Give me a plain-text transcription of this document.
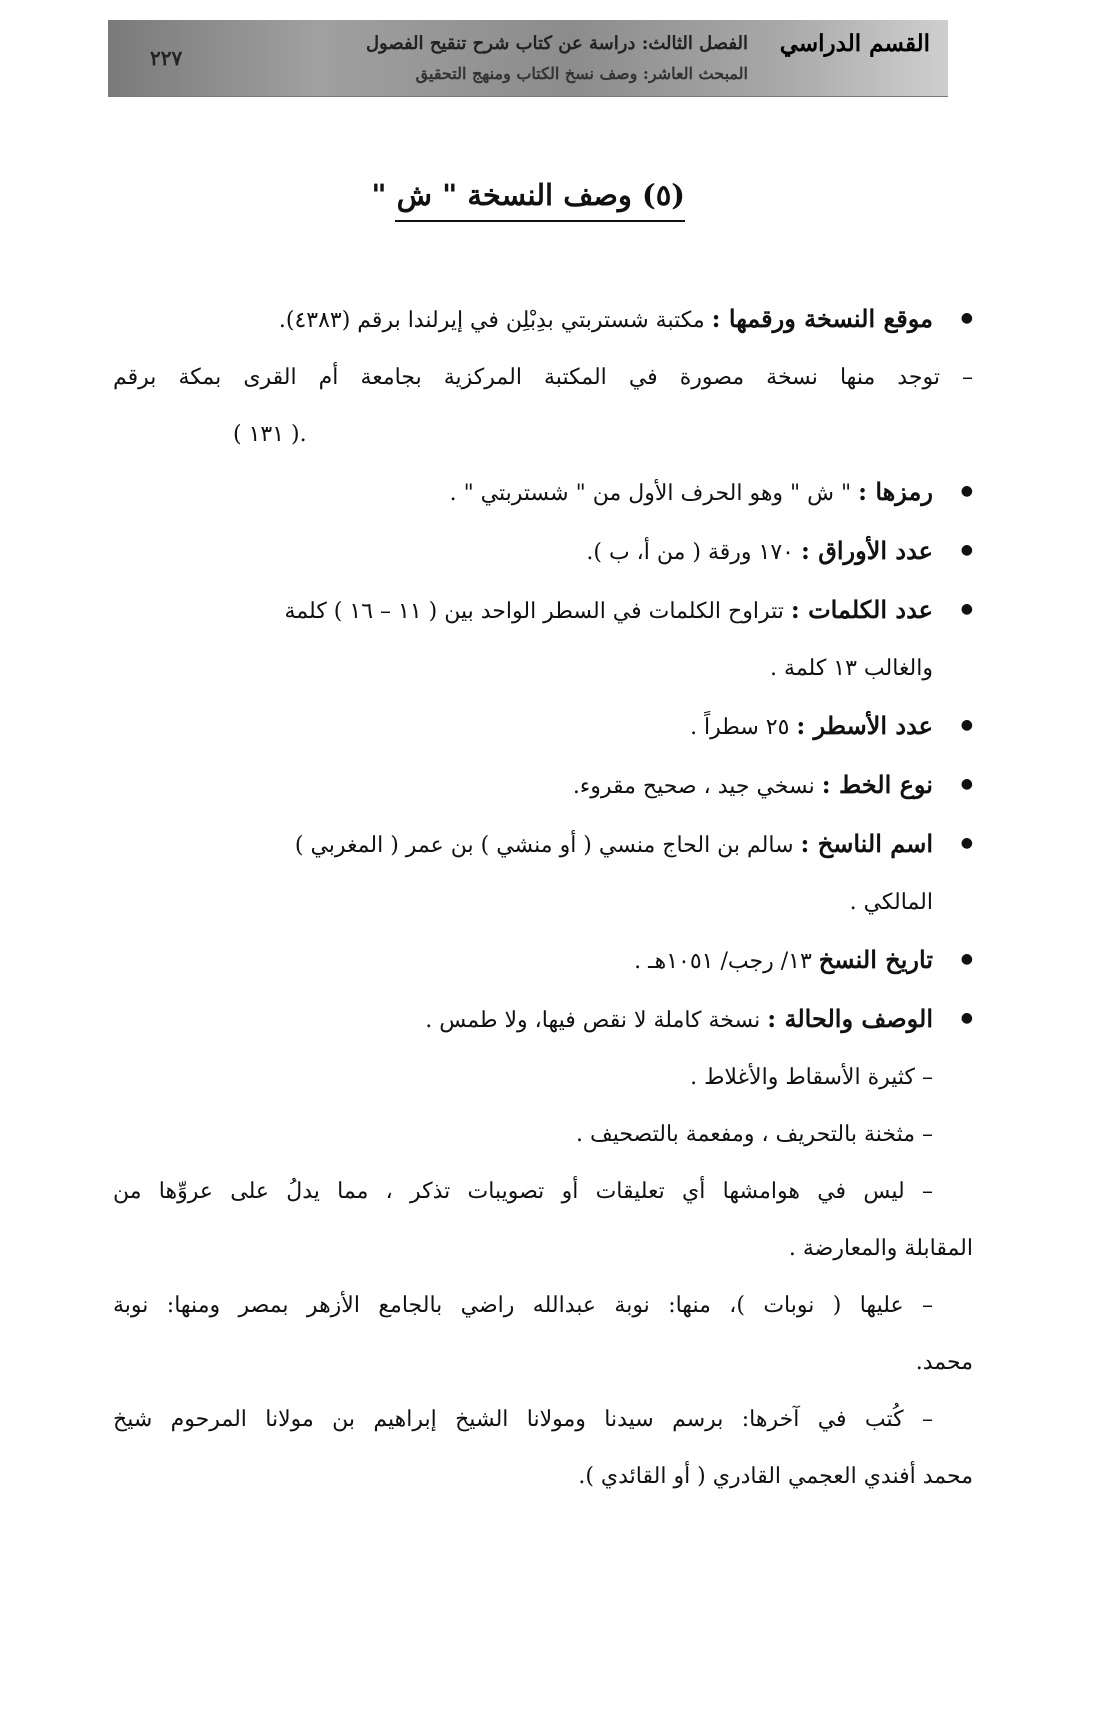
القسم الدراسي
الفصل الثالث: دراسة عن كتاب شرح تنقيح الفصول
المبحث العاشر: وصف نسخ الكتاب ومنهج التحقيق
٢٢٧
(٥) وصف النسخة " ش "
● موقع النسخة ورقمها : مكتبة شستربتي بدِبْلِن في إيرلندا برقم (٤٣٨٣).
– توجد منها نسخة مصورة في المكتبة المركزية بجامعة أم القرى بمكة برقم
.( ١٣١ )
● رمزها : " ش " وهو الحرف الأول من " شستربتي " .
● عدد الأوراق : ١٧٠ ورقة ( من أ، ب ).
● عدد الكلمات : تتراوح الكلمات في السطر الواحد بين ( ١١ – ١٦ ) كلمة
والغالب ١٣ كلمة .
● عدد الأسطر : ٢٥ سطراً .
● نوع الخط : نسخي جيد ، صحيح مقروء.
● اسم الناسخ : سالم بن الحاج منسي ( أو منشي ) بن عمر ( المغربي )
المالكي .
● تاريخ النسخ ١٣/ رجب/ ١٠٥١هـ .
● الوصف والحالة : نسخة كاملة لا نقص فيها، ولا طمس .
– كثيرة الأسقاط والأغلاط .
– مثخنة بالتحريف ، ومفعمة بالتصحيف .
– ليس في هوامشها أي تعليقات أو تصويبات تذكر ، مما يدلُ على عروِّها من
المقابلة والمعارضة .
– عليها ( نوبات )، منها: نوبة عبدالله راضي بالجامع الأزهر بمصر ومنها: نوبة
محمد.
– كُتب في آخرها: برسم سيدنا ومولانا الشيخ إبراهيم بن مولانا المرحوم شيخ
محمد أفندي العجمي القادري ( أو القائدي ).
